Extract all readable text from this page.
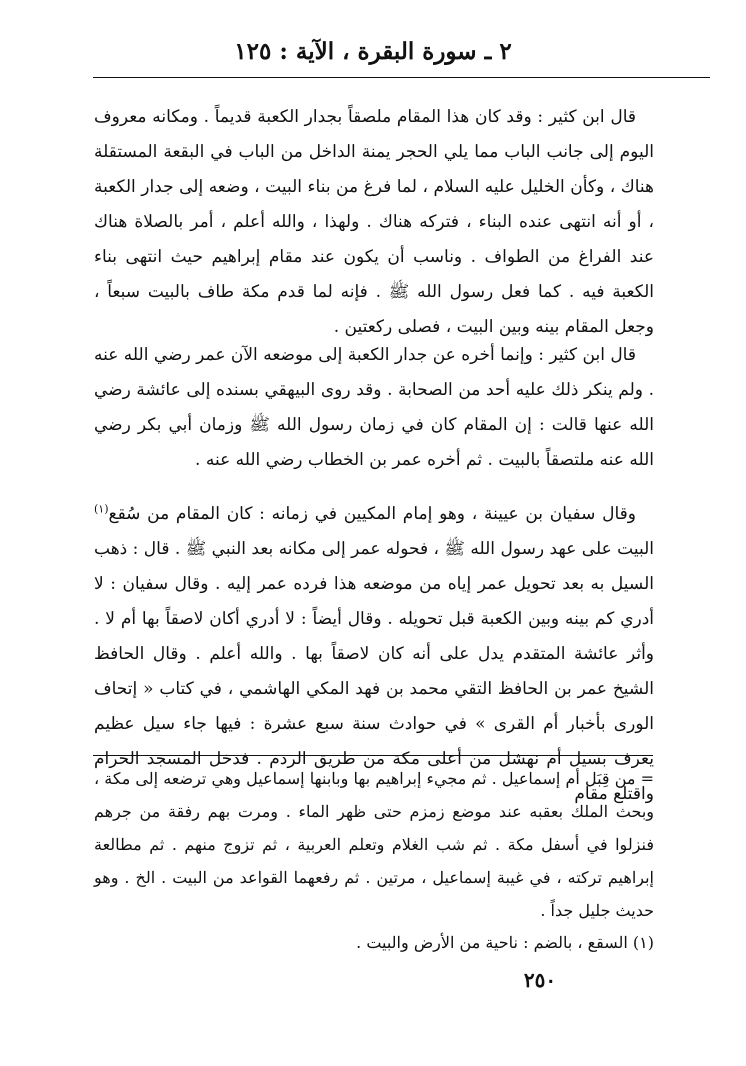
٢ ـ سورة البقرة ، الآية : ١٢٥

قال ابن كثير : وقد كان هذا المقام ملصقاً بجدار الكعبة قديماً . ومكانه معروف اليوم إلى جانب الباب مما يلي الحجر يمنة الداخل من الباب في البقعة المستقلة هناك ، وكأن الخليل عليه السلام ، لما فرغ من بناء البيت ، وضعه إلى جدار الكعبة ، أو أنه انتهى عنده البناء ، فتركه هناك . ولهذا ، والله أعلم ، أمر بالصلاة هناك عند الفراغ من الطواف . وناسب أن يكون عند مقام إبراهيم حيث انتهى بناء الكعبة فيه . كما فعل رسول الله ﷺ . فإنه لما قدم مكة طاف بالبيت سبعاً ، وجعل المقام بينه وبين البيت ، فصلى ركعتين .

قال ابن كثير : وإنما أخره عن جدار الكعبة إلى موضعه الآن عمر رضي الله عنه . ولم ينكر ذلك عليه أحد من الصحابة . وقد روى البيهقي بسنده إلى عائشة رضي الله عنها قالت : إن المقام كان في زمان رسول الله ﷺ وزمان أبي بكر رضي الله عنه ملتصقاً بالبيت . ثم أخره عمر بن الخطاب رضي الله عنه .

وقال سفيان بن عيينة ، وهو إمام المكيين في زمانه : كان المقام من سُقع$^{(١)}$ البيت على عهد رسول الله ﷺ ، فحوله عمر إلى مكانه بعد النبي ﷺ . قال : ذهب السيل به بعد تحويل عمر إياه من موضعه هذا فرده عمر إليه . وقال سفيان : لا أدري كم بينه وبين الكعبة قبل تحويله . وقال أيضاً : لا أدري أكان لاصقاً بها أم لا . وأثر عائشة المتقدم يدل على أنه كان لاصقاً بها . والله أعلم . وقال الحافظ الشيخ عمر بن الحافظ التقي محمد بن فهد المكي الهاشمي ، في كتاب « إتحاف الورى بأخبار أم القرى » في حوادث سنة سبع عشرة : فيها جاء سيل عظيم يعرف بسيل أم نهشل من أعلى مكة من طريق الردم . فدخل المسجد الحرام واقتلع مقام

= من قِبَل أم إسماعيل . ثم مجيء إبراهيم بها وبابنها إسماعيل وهي ترضعه إلى مكة ، وبحث الملك بعقبه عند موضع زمزم حتى ظهر الماء . ومرت بهم رفقة من جرهم فنزلوا في أسفل مكة . ثم شب الغلام وتعلم العربية ، ثم تزوج منهم . ثم مطالعة إبراهيم تركته ، في غيبة إسماعيل ، مرتين . ثم رفعهما القواعد من البيت . الخ . وهو حديث جليل جداً .

(١) السقع ، بالضم : ناحية من الأرض والبيت .

٢٥٠
